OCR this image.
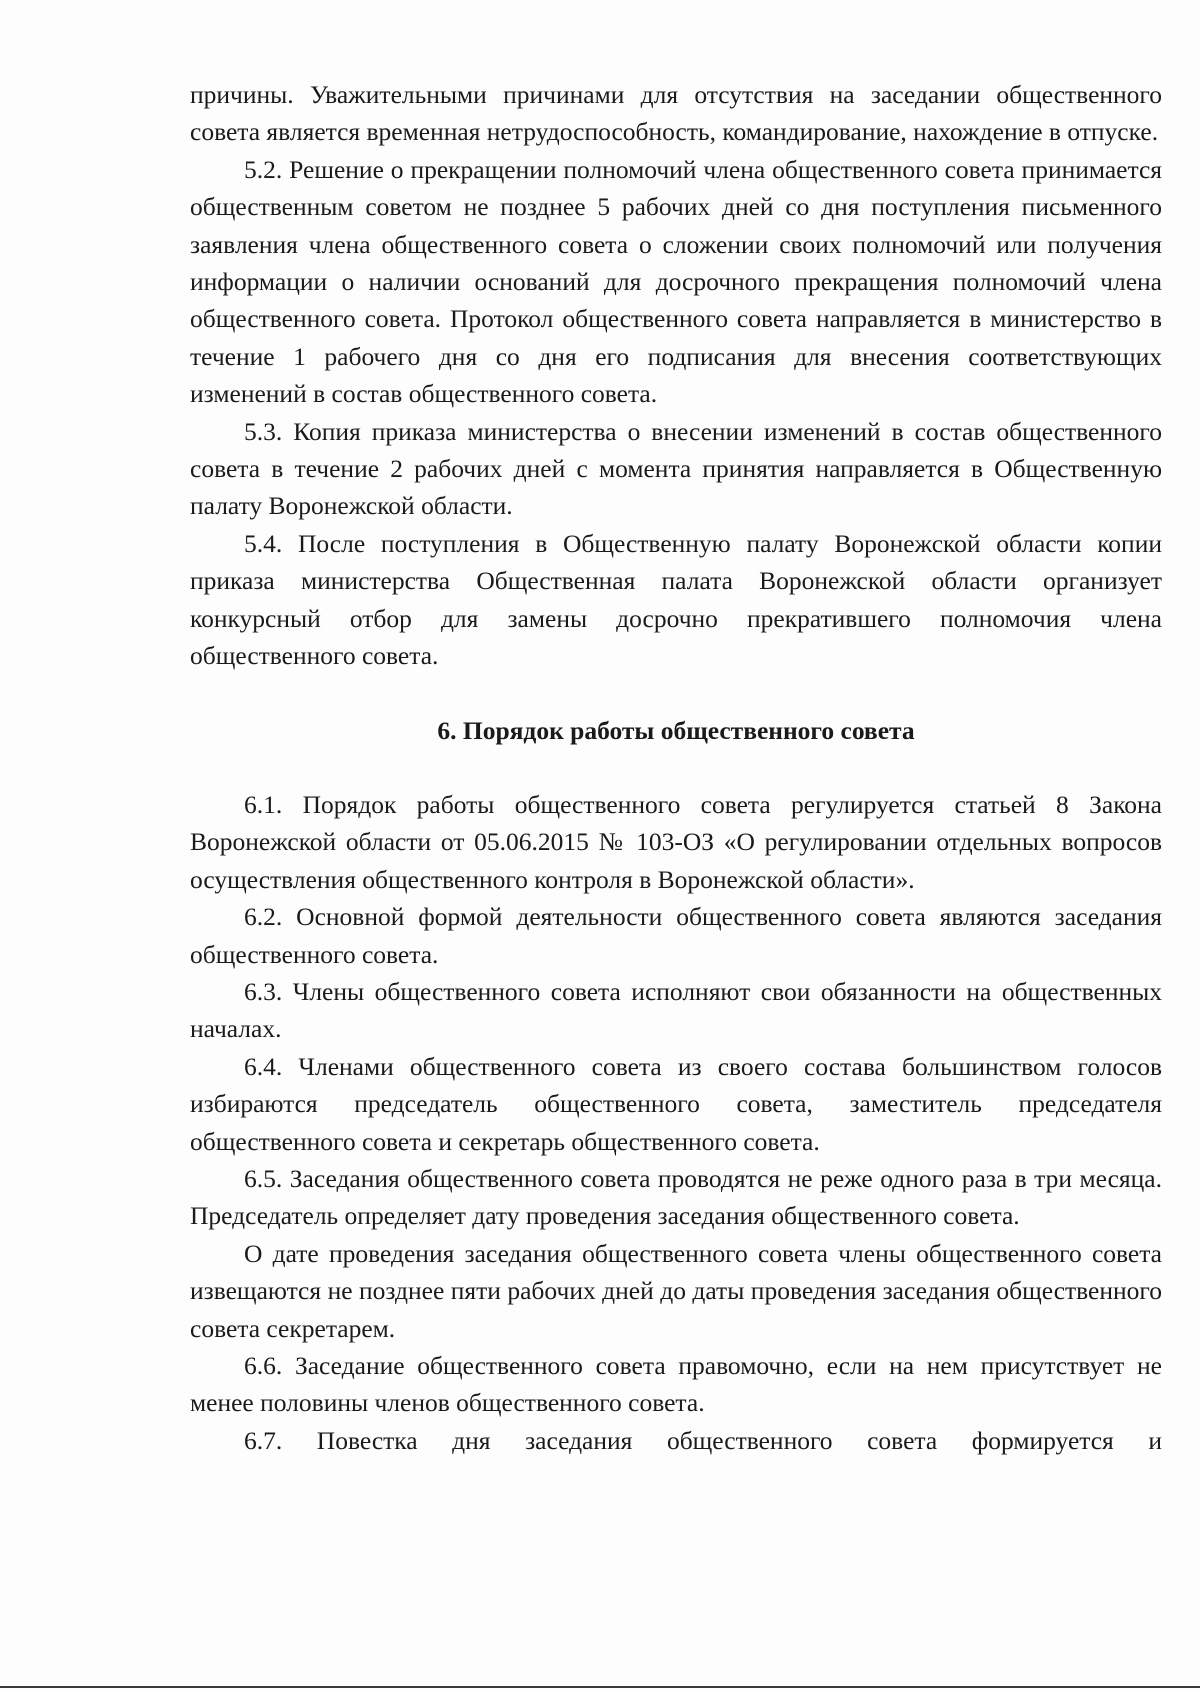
причины. Уважительными причинами для отсутствия на заседании общественного совета является временная нетрудоспособность, командирование, нахождение в отпуске.

5.2. Решение о прекращении полномочий члена общественного совета принимается общественным советом не позднее 5 рабочих дней со дня поступления письменного заявления члена общественного совета о сложении своих полномочий или получения информации о наличии оснований для досрочного прекращения полномочий члена общественного совета. Протокол общественного совета направляется в министерство в течение 1 рабочего дня со дня его подписания для внесения соответствующих изменений в состав общественного совета.

5.3. Копия приказа министерства о внесении изменений в состав общественного совета в течение 2 рабочих дней с момента принятия направляется в Общественную палату Воронежской области.

5.4. После поступления в Общественную палату Воронежской области копии приказа министерства Общественная палата Воронежской области организует конкурсный отбор для замены досрочно прекратившего полномочия члена общественного совета.

6. Порядок работы общественного совета

6.1. Порядок работы общественного совета регулируется статьей 8 Закона Воронежской области от 05.06.2015 № 103-ОЗ «О регулировании отдельных вопросов осуществления общественного контроля в Воронежской области».

6.2. Основной формой деятельности общественного совета являются заседания общественного совета.

6.3. Члены общественного совета исполняют свои обязанности на общественных началах.

6.4. Членами общественного совета из своего состава большинством голосов избираются председатель общественного совета, заместитель председателя общественного совета и секретарь общественного совета.

6.5. Заседания общественного совета проводятся не реже одного раза в три месяца. Председатель определяет дату проведения заседания общественного совета.

О дате проведения заседания общественного совета члены общественного совета извещаются не позднее пяти рабочих дней до даты проведения заседания общественного совета секретарем.

6.6. Заседание общественного совета правомочно, если на нем присутствует не менее половины членов общественного совета.

6.7. Повестка дня заседания общественного совета формируется и
